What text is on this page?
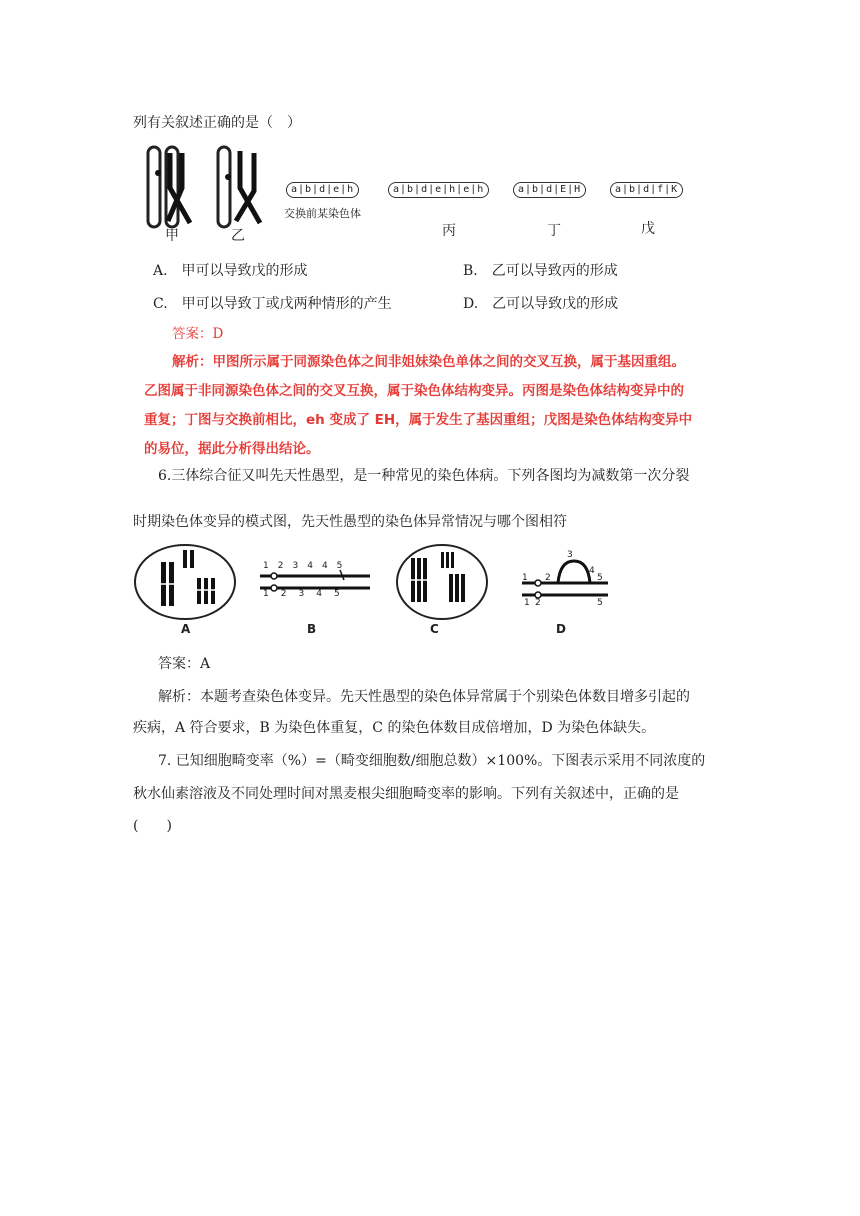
列有关叙述正确的是（　）
甲	乙
a|b|d|e|h	a|b|d|e|h|e|h	a|b|d|E|H	a|b|d|f|K
交换前某染色体
丙	丁	戊
A.　甲可以导致戊的形成	B.　乙可以导致丙的形成
C.　甲可以导致丁或戊两种情形的产生	D.　乙可以导致戊的形成
答案：D
解析：甲图所示属于同源染色体之间非姐妹染色单体之间的交叉互换，属于基因重组。
乙图属于非同源染色体之间的交叉互换，属于染色体结构变异。丙图是染色体结构变异中的
重复；丁图与交换前相比，eh 变成了 EH，属于发生了基因重组；戊图是染色体结构变异中
的易位，据此分析得出结论。
6.三体综合征又叫先天性愚型，是一种常见的染色体病。下列各图均为减数第一次分裂
时期染色体变异的模式图，先天性愚型的染色体异常情况与哪个图相符
123445
12345
3
1 2
4
5
1 2	5
A	B	C	D
答案：A
解析：本题考查染色体变异。先天性愚型的染色体异常属于个别染色体数目增多引起的
疾病，A 符合要求，B 为染色体重复，C 的染色体数目成倍增加，D 为染色体缺失。
7. 已知细胞畸变率（%）=（畸变细胞数/细胞总数）×100%。下图表示采用不同浓度的
秋水仙素溶液及不同处理时间对黑麦根尖细胞畸变率的影响。下列有关叙述中，正确的是
(　　)
